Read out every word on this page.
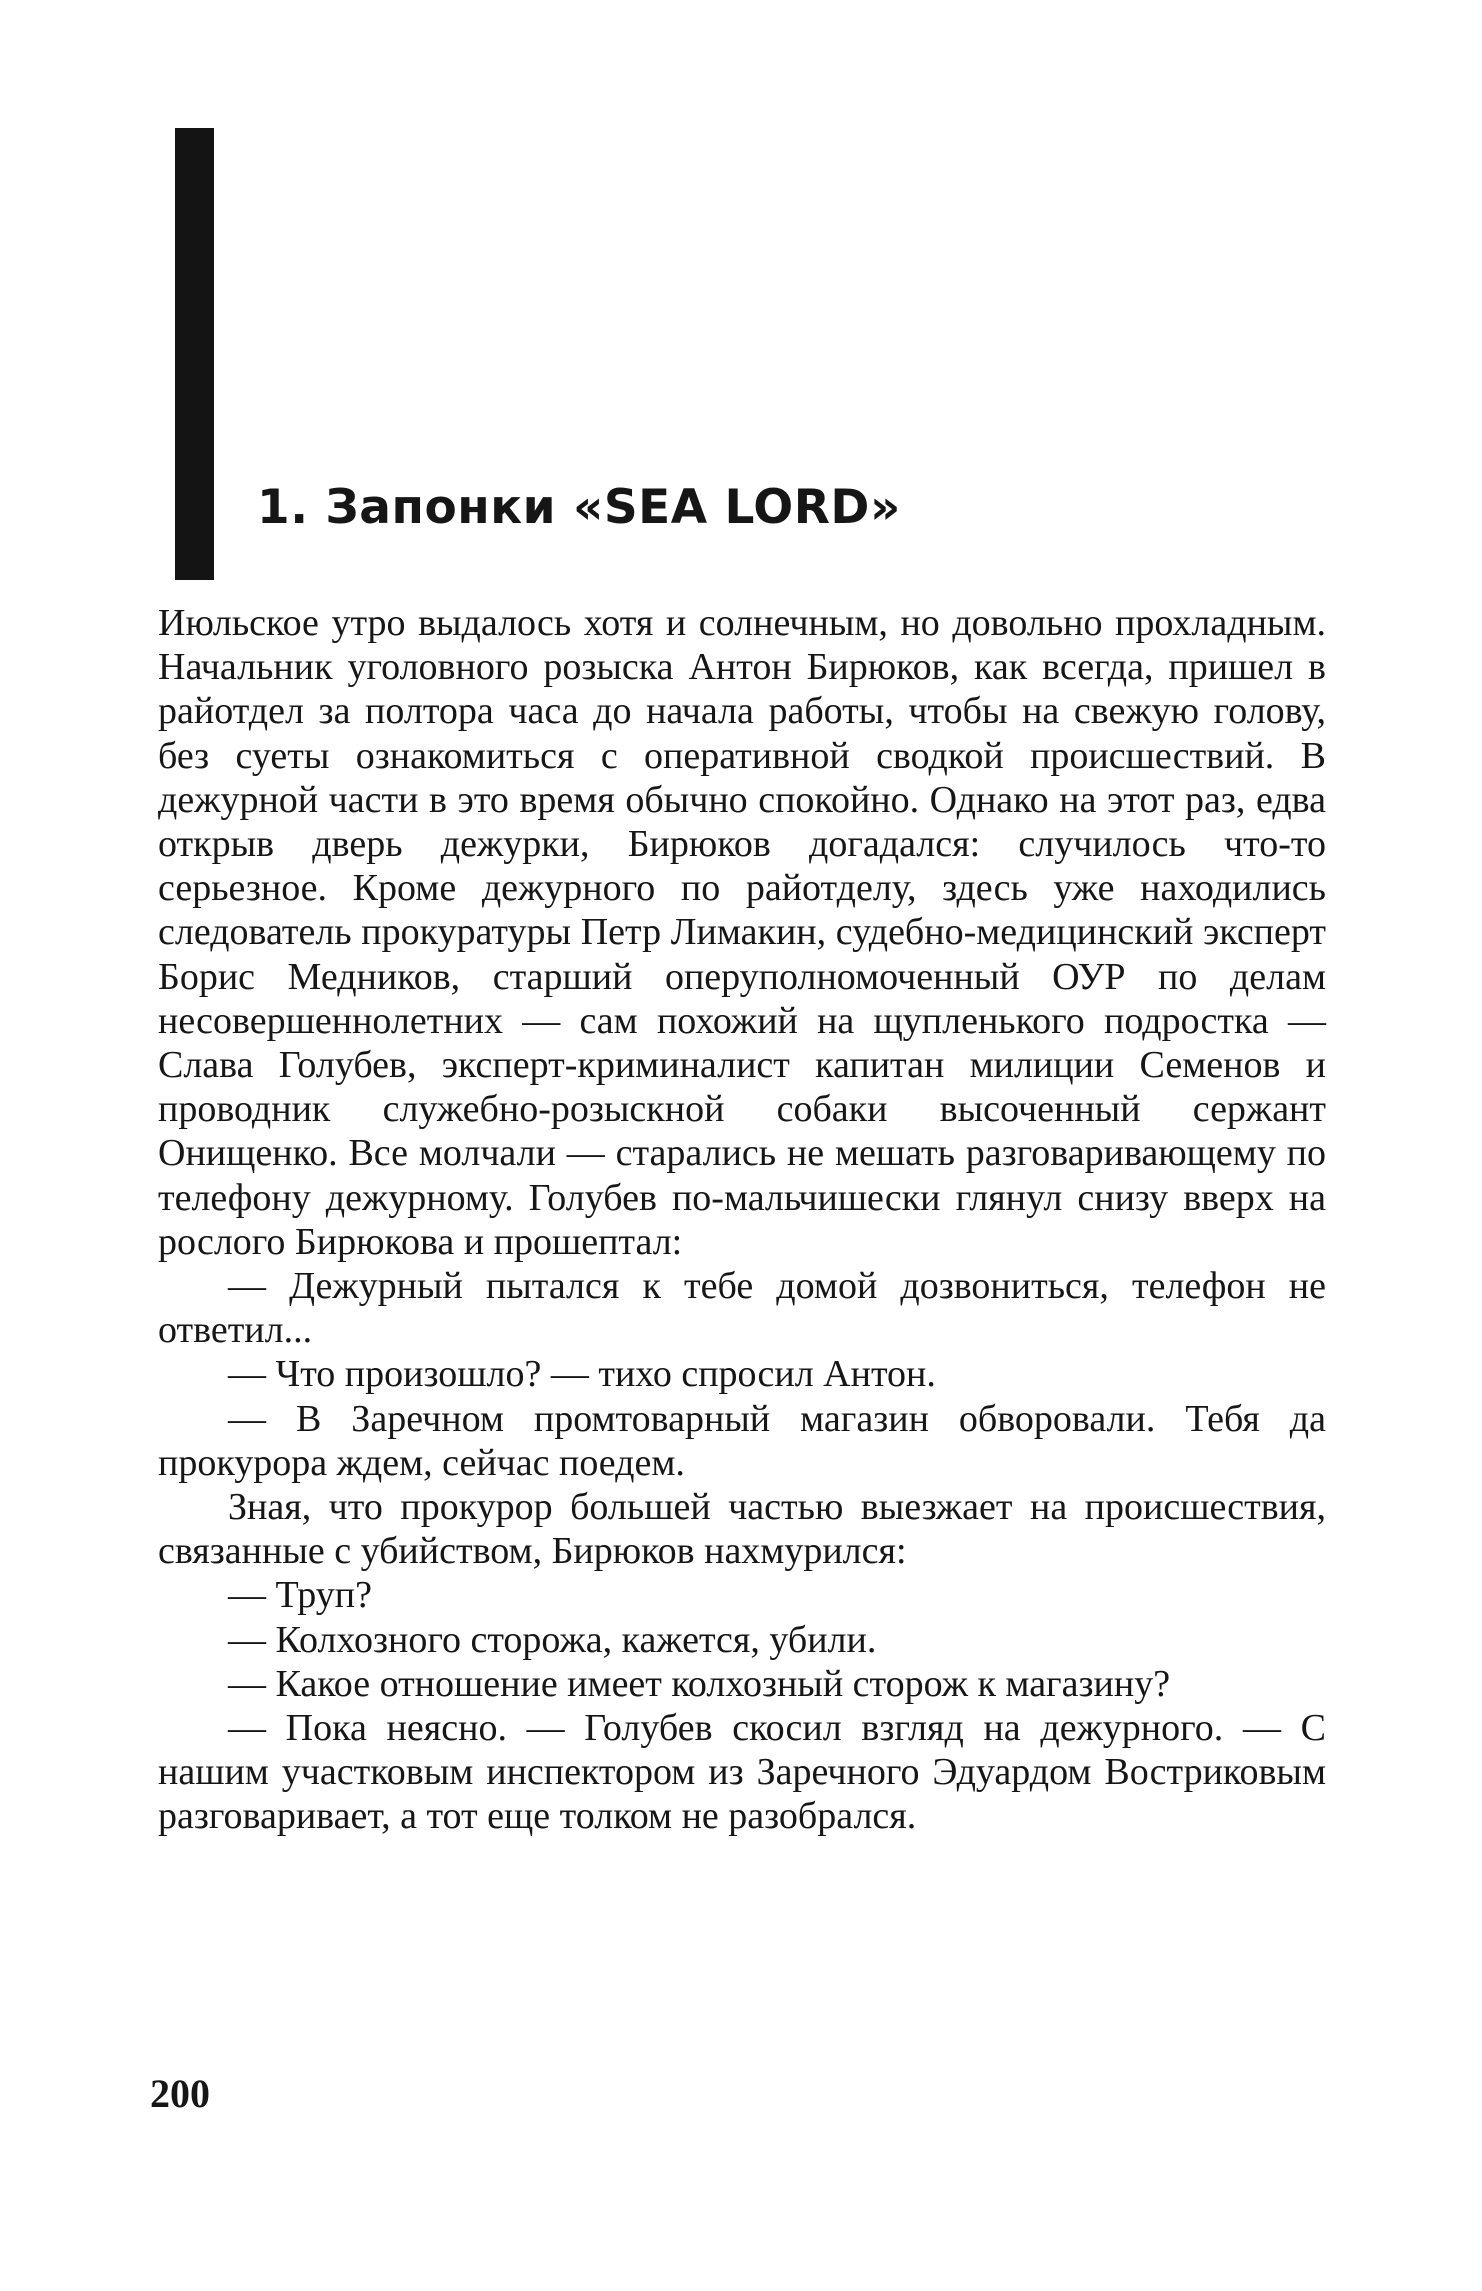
1. Запонки «SEA LORD»

Июльское утро выдалось хотя и солнечным, но довольно прохладным. Начальник уголовного розыска Антон Бирюков, как всегда, пришел в райотдел за полтора часа до начала работы, чтобы на свежую голову, без суеты ознакомиться с оперативной сводкой происшествий. В дежурной части в это время обычно спокойно. Однако на этот раз, едва открыв дверь дежурки, Бирюков догадался: случилось что-то серьезное. Кроме дежурного по райотделу, здесь уже находились следователь прокуратуры Петр Лимакин, судебно-медицинский эксперт Борис Медников, старший оперуполномоченный ОУР по делам несовершеннолетних — сам похожий на щупленького подростка — Слава Голубев, эксперт-криминалист капитан милиции Семенов и проводник служебно-розыскной собаки высоченный сержант Онищенко. Все молчали — старались не мешать разговаривающему по телефону дежурному. Голубев по-мальчишески глянул снизу вверх на рослого Бирюкова и прошептал:

— Дежурный пытался к тебе домой дозвониться, телефон не ответил...

— Что произошло? — тихо спросил Антон.

— В Заречном промтоварный магазин обворовали. Тебя да прокурора ждем, сейчас поедем.

Зная, что прокурор большей частью выезжает на происшествия, связанные с убийством, Бирюков нахмурился:

— Труп?

— Колхозного сторожа, кажется, убили.

— Какое отношение имеет колхозный сторож к магазину?

— Пока неясно. — Голубев скосил взгляд на дежурного. — С нашим участковым инспектором из Заречного Эдуардом Востриковым разговаривает, а тот еще толком не разобрался.

200
